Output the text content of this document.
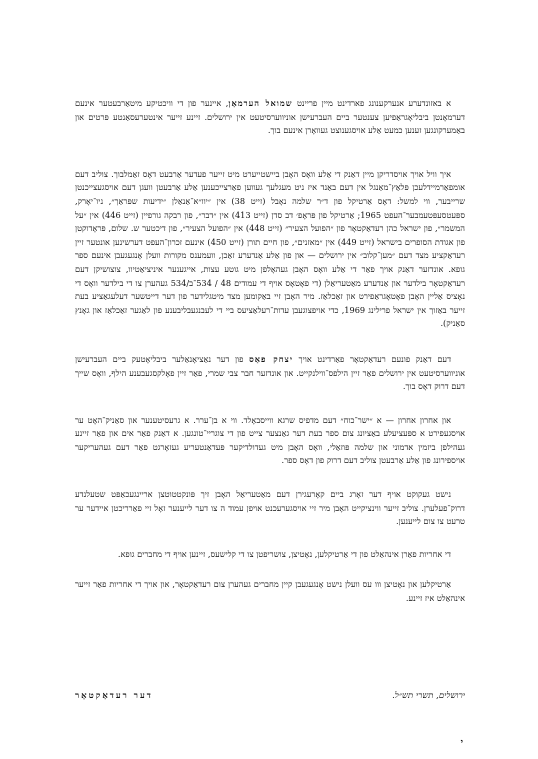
א באזונדערע אנערקענונג פארדינט מיין פריינט שמואל הערמאַן, איינער פון די וויכטיקע מיטאַרבעטער אינעם דערמאָנטן ביבליאָגראַפיען צענטער ביים העברעישן אוניווערסיטעט אין ירושלים. זיינע זייער אינטערעסאַנטע פּרטים און באַמערקונגען זענען כמעט אַלע אויסגענוצט געוואָרן אינעם בוך.

איך וויל אויך אויסדריקן מיין דאַנק די אַלע וואָס האָבן ביישטייערט מיט זייער פעדער אַרבעט דאָס זאַמלבוך. צוליב דעם אומפאַרמיידלעכן פּלאַץ־מאַנגל אין דעם באַנד איז ניט מעגלעך געווען פאַרצייכענען אַלע אַרבעטן וועגן דעם אויסגעצייכנטן שרייבער, ווי למשל: דאָס אַרטיקל פון ד״ר שלמה נאָבל (זייט 38) אין ״יוו״א־אַנאַלן ״ידיעות שפּראַך״, ניו־יאָרק, ספּעטסעפּטעמבער־העפט 1965; אַרטיקל פון פּראָפ׳ דב סדן (זייט 413) אין ״דבר״, פון רבקה גורפיין (זייט 446) אין ״על המשמר״, פון ישראל כהן רעדאַקטאָר פון ״הפועל הצעיר״ (זייט 448) אין ״הפועל הצעיר״, פון דיכטער ש. שלום, פּראָדוקטן פון אגודת הסופרים בישראל (זייט 449) אין ״מאזנים״, פון חיים תורן (זייט 450) אינעם זכרון־העפט דערשינען אונטער זיין רעדאַקציע מצד דעם ״מען־קלוב״ אין ירושלים — און פון אַלע אַנדערע זאַכן, וועמענס מקורות וועלן אָנגעגעבן אינעם ספר גופא. אונדזער דאַנק אויך פאַר די אַלע וואָס האָבן געהאָלפן מיט גוטע עצות, אייגענער איניציאַטיוו, צוצושיקן דעם רעדאַקטאָר בילדער און אַנדערע מאַטעריאַלן (די פאָטאָס אויף די עמודים 48 / 534־ב/534 געהערן צו די בילדער וואָס די נאָציס אַליין האָבן פאָטאָגראַפירט און זאַכלאַז. מיר האָבן זיי באַקומען מצד מיטגלידער פון דער דייטשער דעלעגאַציע בעת זייער באַזוך אין ישראל פרילינג 1969, כדי אויפצוגעבן עדות־רעלאַציעס ביי די לעבנגעבליבענע פון לאַגער זאַכלאַז און גאָנץ סאַניק).

דעם דאַנק פונעם רעדאַקטאָר פאַרדינט אויך יצחק פאַס פון דער נאַציאָנאַלער ביבליאָטעק ביים העברעישן אוניווערסיטעט אין ירושלים פאַר זיין הילפס־ווילנקייט. און אונדזער חבר צבי שמרי, פאַר זיין פאָלקסגעבענע הילף, וואָס שייך דעם דרוק דאָס בוך.

און אחרון אחרון — א ״ישר־כוח״ דעם מדפיס שרגא ווייסבאָלד. ווי א בן־ערר. א גרעסיטענער און סאַניק־האָט ער אויסגעפירט א ספּעציעלע באַציונג צום ספר בעת דער גאַנצער צייט פון די צוגריי־טונגען. א דאַנק פאַר אים און פאַר זיינע געהילפן ביזמין אדמוני און שלמה פּוזאַלי, וואָס האָבן מיט געדולדיקער פּעדאַנטעריע געזאָרגט פאַר דעם געהעריקער אויספירונג פון אַלע אַרבעטן צוליב דעם דרוק פון דאָס ספר.

נישט געקוקט אויף דער זאָרג ביים קאָרעגירן דעם מאַטעריאַל האָבן זיך פּונקטטוטצן אריינגעכאַפּט שטעלנדע דרוק־פעלערן. צוליב זייער ווינציקייט האָבן מיר זיי אויסגערעכנט אויפן עמוד ה צו דער לייענער זאָל זיי פאַרריכטן איידער ער טרעט צו צום לייענען.

די אחריות פאַרן אינהאַלט פון די אַרטיקלען, נאָטיצן, צושריפטן צו די קלישעס, זיינען אויף די מחברים גופא.

אַרטיקלען און נאָטיצן ווו עס וועלן נישט אָנגעגעבן קיין מחברים געהערן צום רעדאַקטאָר, און אויך די אחריות פאַר זייער אינהאַלט איז זיינע.

ירושלים, תשרי תש״ל.
דער רעדאַקטאָר
י
